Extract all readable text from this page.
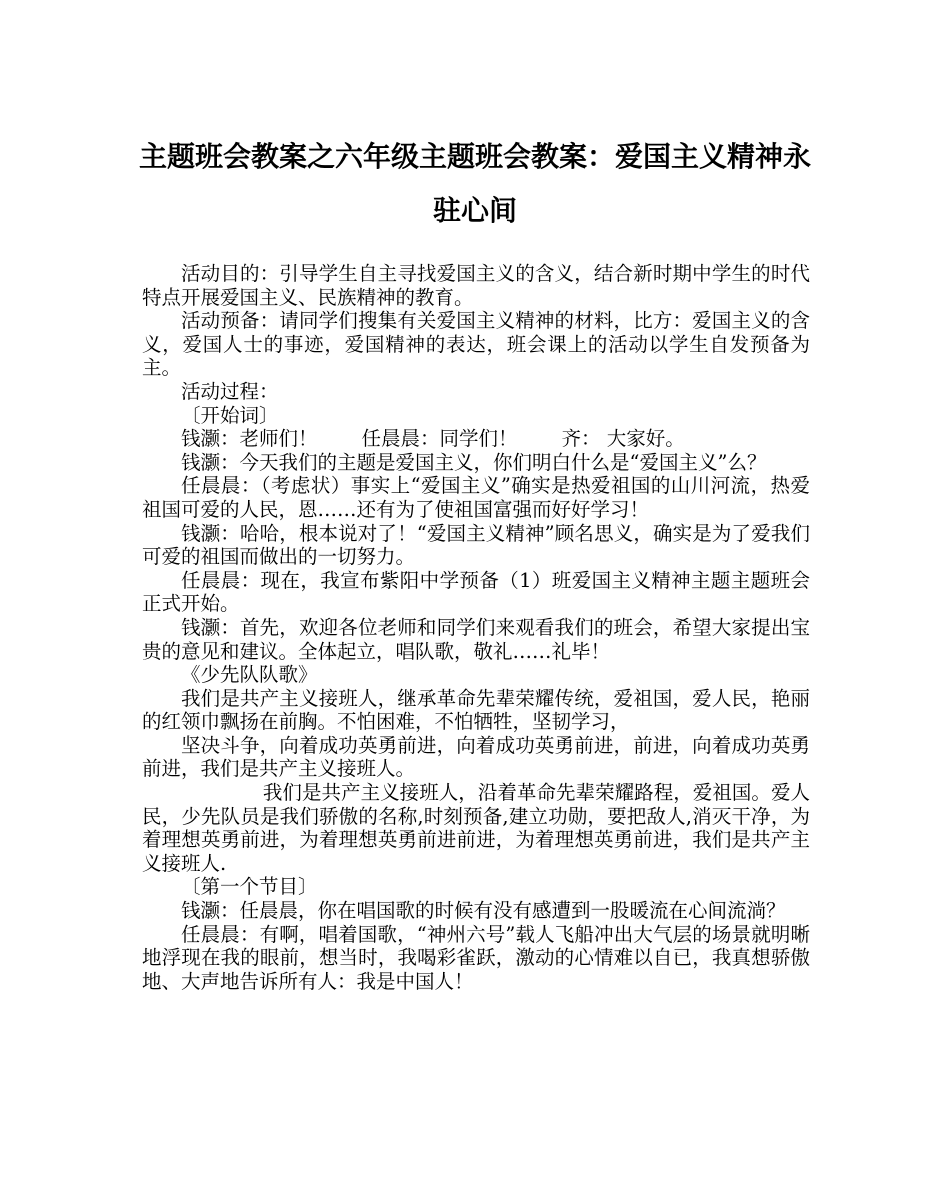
主题班会教案之六年级主题班会教案：爱国主义精神永驻心间

活动目的：引导学生自主寻找爱国主义的含义，结合新时期中学生的时代特点开展爱国主义、民族精神的教育。

活动预备：请同学们搜集有关爱国主义精神的材料，比方：爱国主义的含义，爱国人士的事迹，爱国精神的表达，班会课上的活动以学生自发预备为主。

活动过程：

〔开始词〕

钱灏：老师们！ 任晨晨：同学们！ 齐： 大家好。

钱灏：今天我们的主题是爱国主义，你们明白什么是“爱国主义”么？

任晨晨：（考虑状）事实上“爱国主义”确实是热爱祖国的山川河流，热爱祖国可爱的人民，恩……还有为了使祖国富强而好好学习！

钱灏：哈哈，根本说对了！“爱国主义精神”顾名思义，确实是为了爱我们可爱的祖国而做出的一切努力。

任晨晨：现在，我宣布紫阳中学预备（1）班爱国主义精神主题主题班会正式开始。

钱灏：首先，欢迎各位老师和同学们来观看我们的班会，希望大家提出宝贵的意见和建议。全体起立，唱队歌，敬礼……礼毕！

《少先队队歌》

我们是共产主义接班人，继承革命先辈荣耀传统，爱祖国，爱人民，艳丽的红领巾飘扬在前胸。不怕困难，不怕牺牲，坚韧学习，

坚决斗争，向着成功英勇前进，向着成功英勇前进，前进，向着成功英勇前进，我们是共产主义接班人。

我们是共产主义接班人，沿着革命先辈荣耀路程，爱祖国。爱人民，少先队员是我们骄傲的名称,时刻预备,建立功勋，要把敌人,消灭干净，为着理想英勇前进，为着理想英勇前进前进，为着理想英勇前进，我们是共产主义接班人.

〔第一个节目〕

钱灏：任晨晨，你在唱国歌的时候有没有感遭到一股暖流在心间流淌？

任晨晨：有啊，唱着国歌，“神州六号”载人飞船冲出大气层的场景就明晰地浮现在我的眼前，想当时，我喝彩雀跃，激动的心情难以自已，我真想骄傲地、大声地告诉所有人：我是中国人！
